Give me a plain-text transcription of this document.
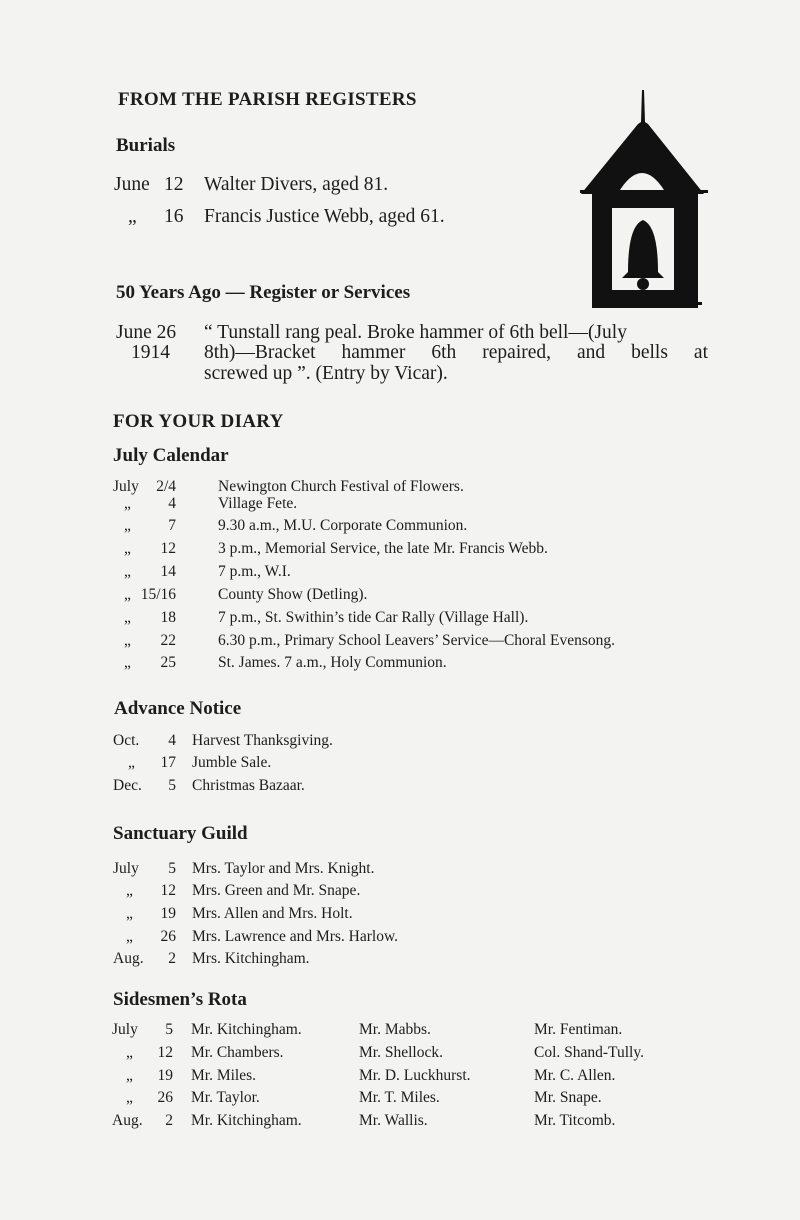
FROM THE PARISH REGISTERS
Burials
June 12 Walter Divers, aged 81.
„ 16 Francis Justice Webb, aged 61.
50 Years Ago — Register or Services
June 26
1914
“ Tunstall rang peal. Broke hammer of 6th bell—(July
8th)—Bracket hammer 6th repaired, and bells at
screwed up ”. (Entry by Vicar).
FOR YOUR DIARY
July Calendar
July 2/4	Newington Church Festival of Flowers.
„ 4	Village Fete.
„ 7	9.30 a.m., M.U. Corporate Communion.
„ 12	3 p.m., Memorial Service, the late Mr. Francis Webb.
„ 14	7 p.m., W.I.
„ 15/16	County Show (Detling).
„ 18	7 p.m., St. Swithin’s tide Car Rally (Village Hall).
„ 22	6.30 p.m., Primary School Leavers’ Service—Choral Evensong.
„ 25	St. James. 7 a.m., Holy Communion.
Advance Notice
Oct. 4 Harvest Thanksgiving.
„ 17 Jumble Sale.
Dec. 5 Christmas Bazaar.
Sanctuary Guild
July 5 Mrs. Taylor and Mrs. Knight.
„ 12 Mrs. Green and Mr. Snape.
„ 19 Mrs. Allen and Mrs. Holt.
„ 26 Mrs. Lawrence and Mrs. Harlow.
Aug. 2 Mrs. Kitchingham.
Sidesmen’s Rota
July 5 Mr. Kitchingham.	Mr. Mabbs.	Mr. Fentiman.
„ 12 Mr. Chambers.	Mr. Shellock.	Col. Shand-Tully.
„ 19 Mr. Miles.	Mr. D. Luckhurst.	Mr. C. Allen.
„ 26 Mr. Taylor.	Mr. T. Miles.	Mr. Snape.
Aug. 2 Mr. Kitchingham.	Mr. Wallis.	Mr. Titcomb.
